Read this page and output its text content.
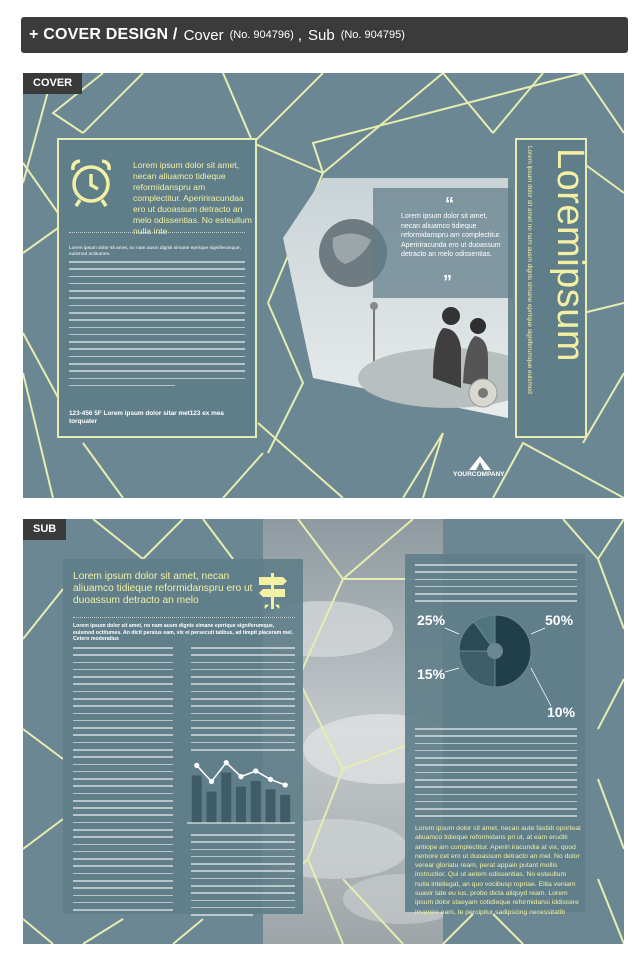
+ COVER DESIGN / Cover (No. 904796) , Sub (No. 904795)
COVER
Lorem ipsum dolor sit amet, necan aliuamco tidieque reformidanspru am complectitur. Apeririracundaa ero ut duoassum detracto an melo odissentias. No esteullum nulla inte
Lorem ipsum dolor sit amet, no nam ausm dignis simane eprrique signiferumque, euismod octitumes.
123-456 5F Lorem ipsum dolor sitar met123 ex mea torquater
“
Lorem ipsum dolor sit amet, necan aliuamco tidieque reformidanspru am complectitur. Apeririracunda ero ut duoassum detracto an melo odissentias.
”	Loremipsum
Lorem ipsum dolor sit amet no nam ausm dignis simane eprrique signiferumque euismod
YOURCOMPANY
SUB
Lorem ipsum dolor sit amet, necan aliuamco tidieque reformidanspru ero ut duoassum detracto an melo
Lorem ipsum dolor sit amet, no nam ausm dignis simane eprrique signiferumque, euismod octitumes. An dicit persius eam, vix ei persecuti tatibus, ad timpit placeram mel. Cetero moderatius
25%	50%
15%
10%
Lorem ipsum dolor sit amet, necan aute fastidi oporteat aliuamco tidieque reformidans pri ut, at eam eruditi antiope am complectitur. Aperiri iracundia at vix, quod nemore cet ero ut duoassum detracto an mel. No dolor verear gloriatu ream, perat appain putant mollis instructior. Qui ut aetem odissentias. No esteullum nulla intellegat, an quo vocibusp ropriae. Elita veniam suavir tate eu ius, probo dicta aliquyd ream. Lorem ipsum dolor staeyam cotidieque reformidansi iddiscere invenire eam, te percipitur sadipscing necessitatib
